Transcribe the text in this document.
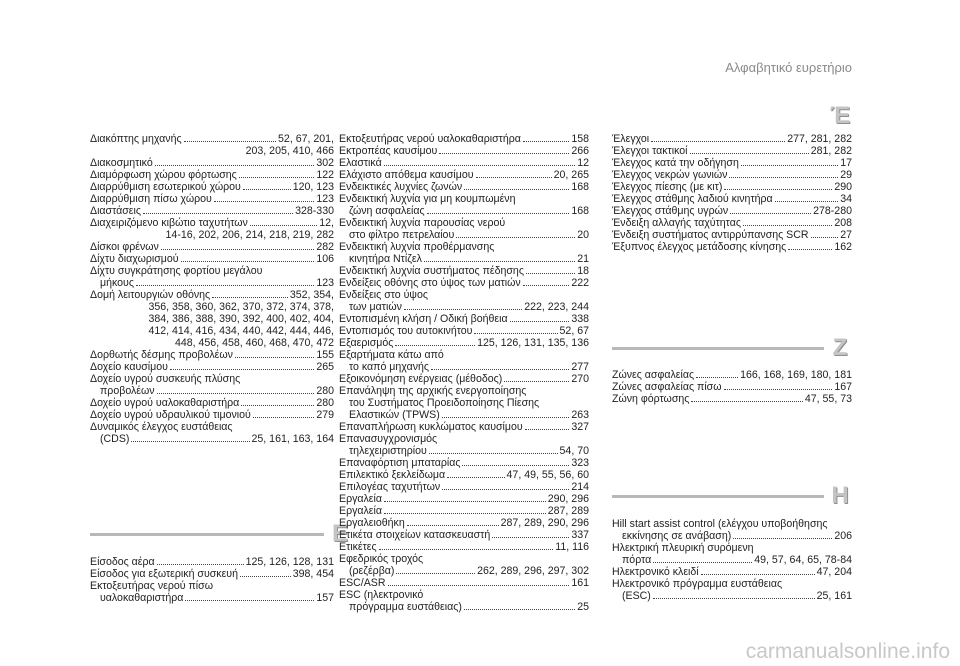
Αλφαβητικό ευρετήριο
Διακόπτης μηχανής	52, 67, 201,
203, 205, 410, 466
Διακοσμητικό	302
Διαμόρφωση χώρου φόρτωσης	122
Διαρρύθμιση εσωτερικού χώρου	120, 123
Διαρρύθμιση πίσω χώρου	123
Διαστάσεις	328-330
Διαχειριζόμενο κιβώτιο ταχυτήτων	12,
14-16, 202, 206, 214, 218, 219, 282
Δίσκοι φρένων	282
Δίχτυ διαχωρισμού	106
Δίχτυ συγκράτησης φορτίου μεγάλου
μήκους	123
Δομή λειτουργιών οθόνης	352, 354,
356, 358, 360, 362, 370, 372, 374, 378,
384, 386, 388, 390, 392, 400, 402, 404,
412, 414, 416, 434, 440, 442, 444, 446,
448, 456, 458, 460, 468, 470, 472
Δορθωτής δέσμης προβολέων	155
Δοχείο καυσίμου	265
Δοχείο υγρού συσκευής πλύσης
προβολέων	280
Δοχείο υγρού υαλοκαθαριστήρα	280
Δοχείο υγρού υδραυλικού τιμονιού	279
Δυναμικός έλεγχος ευστάθειας
(CDS)	25, 161, 163, 164
Ε
Είσοδος αέρα	125, 126, 128, 131
Είσοδος για εξωτερική συσκευή	398, 454
Εκτοξευτήρας νερού πίσω
υαλοκαθαριστήρα	157
Εκτοξευτήρας νερού υαλοκαθαριστήρα	158
Εκτροπέας καυσίμου	266
Ελαστικά	12
Ελάχιστο απόθεμα καυσίμου	20, 265
Ενδεικτικές λυχνίες ζωνών	168
Ενδεικτική λυχνία για μη κουμπωμένη
ζώνη ασφαλείας	168
Ενδεικτική λυχνία παρουσίας νερού
στο φίλτρο πετρελαίου	20
Ενδεικτική λυχνία προθέρμανσης
κινητήρα Ντίζελ	21
Ενδεικτική λυχνία συστήματος πέδησης	18
Ενδείξεις οθόνης στο ύψος των ματιών	222
Ενδείξεις στο ύψος
των ματιών	222, 223, 244
Εντοπισμένη κλήση / Οδική βοήθεια	338
Εντοπισμός του αυτοκινήτου	52, 67
Εξαερισμός	125, 126, 131, 135, 136
Εξαρτήματα κάτω από
το καπό μηχανής	277
Εξοικονόμηση ενέργειας (μέθοδος)	270
Επανάληψη της αρχικής ενεργοποίησης
του Συστήματος Προειδοποίησης Πίεσης
Ελαστικών (TPWS)	263
Επαναπλήρωση κυκλώματος καυσίμου	327
Επανασυγχρονισμός
τηλεχειριστηρίου	54, 70
Επαναφόρτιση μπαταρίας	323
Επιλεκτικό ξεκλείδωμα	47, 49, 55, 56, 60
Επιλογέας ταχυτήτων	214
Εργαλεία	290, 296
Εργαλεία	287, 289
Εργαλειοθήκη	287, 289, 290, 296
Ετικέτα στοιχείων κατασκευαστή	337
Ετικέτες	11, 116
Εφεδρικός τροχός
(ρεζέρβα)	262, 289, 296, 297, 302
ESC/ASR	161
ESC (ηλεκτρονικό
πρόγραμμα ευστάθειας)	25
Έ
Έλεγχοι	277, 281, 282
Έλεγχοι τακτικοί	281, 282
Έλεγχος κατά την οδήγηση	17
Έλεγχος νεκρών γωνιών	29
Έλεγχος πίεσης (με κιτ)	290
Έλεγχος στάθμης λαδιού κινητήρα	34
Έλεγχος στάθμης υγρών	278-280
Ένδειξη αλλαγής ταχύτητας	208
Ένδειξη συστήματος αντιρρύπανσης SCR	27
Έξυπνος έλεγχος μετάδοσης κίνησης	162
Ζ
Ζώνες ασφαλείας	166, 168, 169, 180, 181
Ζώνες ασφαλείας πίσω	167
Ζώνη φόρτωσης	47, 55, 73
Η
Hill start assist control (ελέγχου υποβοήθησης
εκκίνησης σε ανάβαση)	206
Ηλεκτρική πλευρική συρόμενη
πόρτα	49, 57, 64, 65, 78-84
Ηλεκτρονικό κλειδί	47, 204
Ηλεκτρονικό πρόγραμμα ευστάθειας
(ESC)	25, 161
carmanualsonline.info
